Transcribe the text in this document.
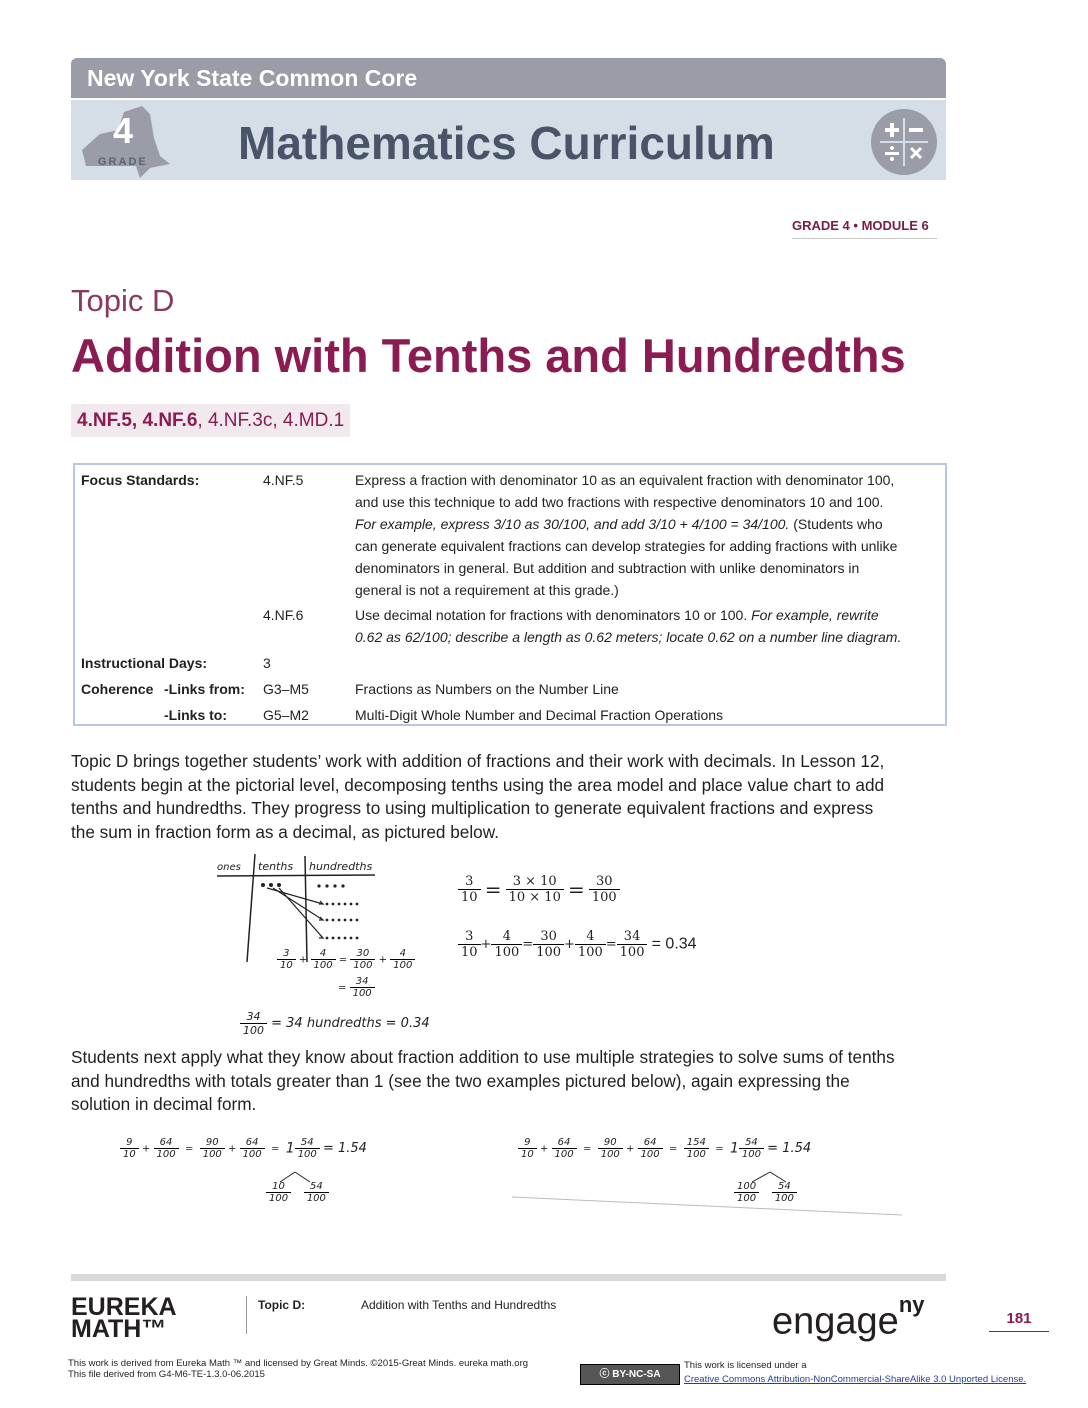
New York State Common Core
4
GRADE Mathematics Curriculum
GRADE 4 • MODULE 6
Topic D
Addition with Tenths and Hundredths
4.NF.5, 4.NF.6, 4.NF.3c, 4.MD.1
Focus Standards:	4.NF.5	Express a fraction with denominator 10 as an equivalent fraction with denominator 100,
and use this technique to add two fractions with respective denominators 10 and 100.
For example, express 3/10 as 30/100, and add 3/10 + 4/100 = 34/100. (Students who
can generate equivalent fractions can develop strategies for adding fractions with unlike
denominators in general. But addition and subtraction with unlike denominators in
general is not a requirement at this grade.)
4.NF.6	Use decimal notation for fractions with denominators 10 or 100. For example, rewrite
0.62 as 62/100; describe a length as 0.62 meters; locate 0.62 on a number line diagram.
Instructional Days:	3
Coherence -Links from: G3–M5	Fractions as Numbers on the Number Line
-Links to:	G5–M2	Multi-Digit Whole Number and Decimal Fraction Operations
Topic D brings together students’ work with addition of fractions and their work with decimals. In Lesson 12,
students begin at the pictorial level, decomposing tenths using the area model and place value chart to add
tenths and hundredths. They progress to using multiplication to generate equivalent fractions and express
the sum in fraction form as a decimal, as pictured below.
ones tenths hundredths
$\frac{3}{10} + \frac{4}{100} = \frac{30}{100} + \frac{4}{100}$
= $\frac{34}{100}$
$\frac{34}{100} = 34$ hundredths = 0.34
$\frac{3}{10} = \frac{3 \times 10}{10 \times 10} = \frac{30}{100}$
$\frac{3}{10} + \frac{4}{100} = \frac{30}{100} + \frac{4}{100} = \frac{34}{100} = 0.34$
Students next apply what they know about fraction addition to use multiple strategies to solve sums of tenths
and hundredths with totals greater than 1 (see the two examples pictured below), again expressing the
solution in decimal form.
$\frac{9}{10} + \frac{64}{100} = \frac{90}{100} + \frac{64}{100} = 1 \frac{54}{100} = 1.54$
$\frac{10}{100}$
$\frac{54}{100}$
$\frac{9}{10} + \frac{64}{100} = \frac{90}{100} + \frac{64}{100} = \frac{154}{100} = 1 \frac{54}{100} = 1.54$
$\frac{100}{100}$
$\frac{54}{100}$
EUREKA
MATH™
Topic D:	Addition with Tenths and Hundredths	engage$^{ny}$
181
This work is derived from Eureka Math ™ and licensed by Great Minds. ©2015-Great Minds. eureka math.org
This file derived from G4-M6-TE-1.3.0-06.2015	ⓒ BY-NC-SA
This work is licensed under a
Creative Commons Attribution-NonCommercial-ShareAlike 3.0 Unported License.
